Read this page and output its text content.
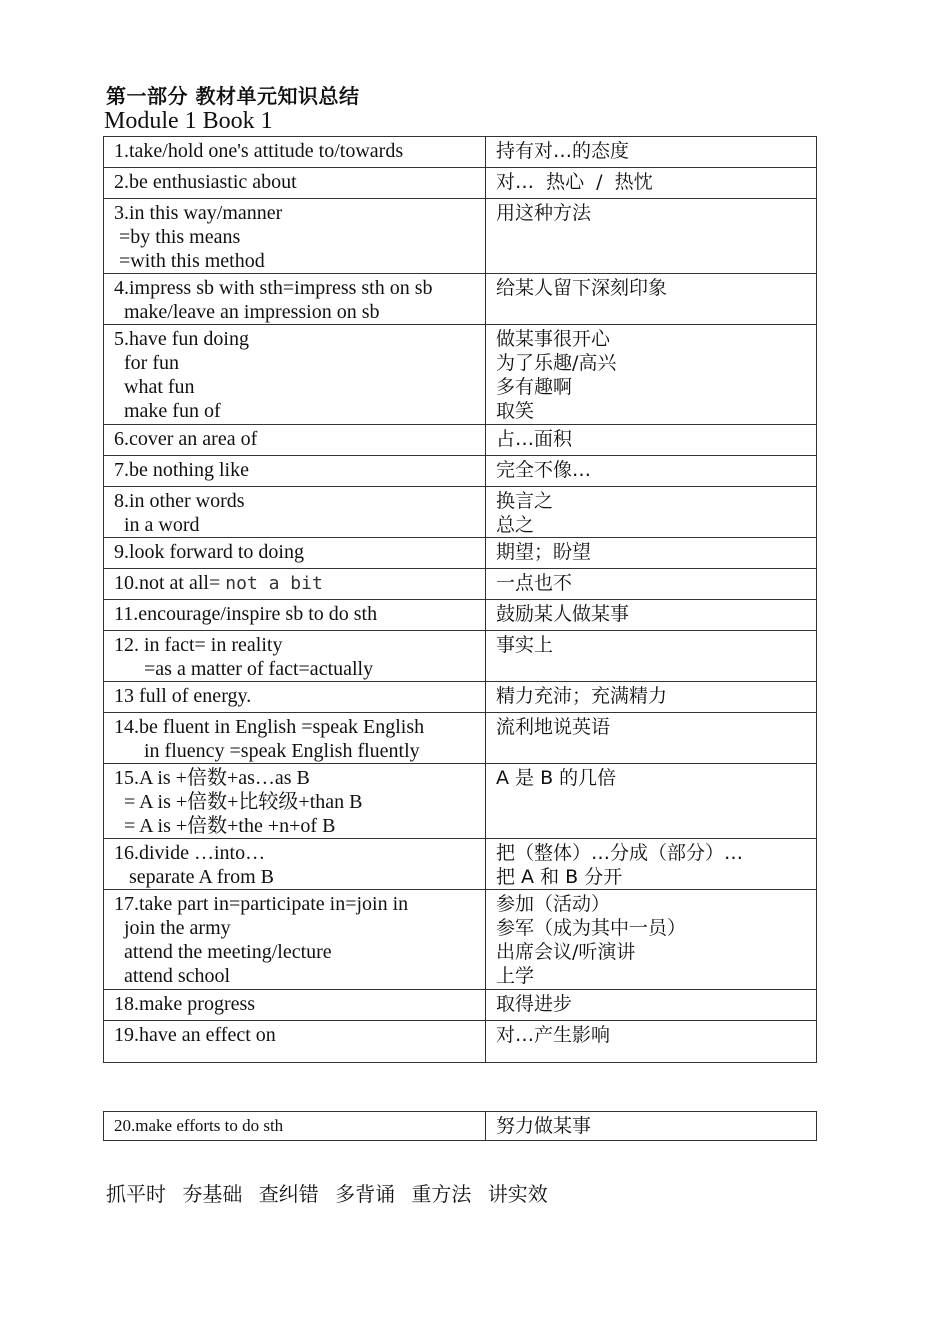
第一部分 教材单元知识总结
Module 1 Book 1
1.take/hold one's attitude to/towards	持有对…的态度

2.be enthusiastic about	对…  热心  /  热忱

3.in this way/manner
=by this means
=with this method	用这种方法

4.impress sb with sth=impress sth on sb
make/leave an impression on sb	给某人留下深刻印象

5.have fun doing
for fun
what fun
make fun of	做某事很开心
为了乐趣/高兴
多有趣啊
取笑

6.cover an area of	占…面积

7.be nothing like	完全不像…

8.in other words
in a word	换言之
总之

9.look forward to doing	期望；盼望

10.not at all= not a bit	一点也不

11.encourage/inspire sb to do sth	鼓励某人做某事

12. in fact= in reality
=as a matter of fact=actually	事实上

13 full of energy.	精力充沛；充满精力

14.be fluent in English =speak English
in fluency =speak English fluently	流利地说英语

15.A is +倍数+as…as B
= A is +倍数+比较级+than B
= A is +倍数+the +n+of B	A 是 B 的几倍

16.divide …into…
separate A from B	把（整体）…分成（部分）…
把 A 和 B 分开

17.take part in=participate in=join in
join the army
attend the meeting/lecture
attend school	参加（活动）
参军（成为其中一员）
出席会议/听演讲
上学

18.make progress	取得进步

19.have an effect on	对…产生影响
20.make efforts to do sth	努力做某事
抓平时 夯基础 查纠错 多背诵 重方法 讲实效
